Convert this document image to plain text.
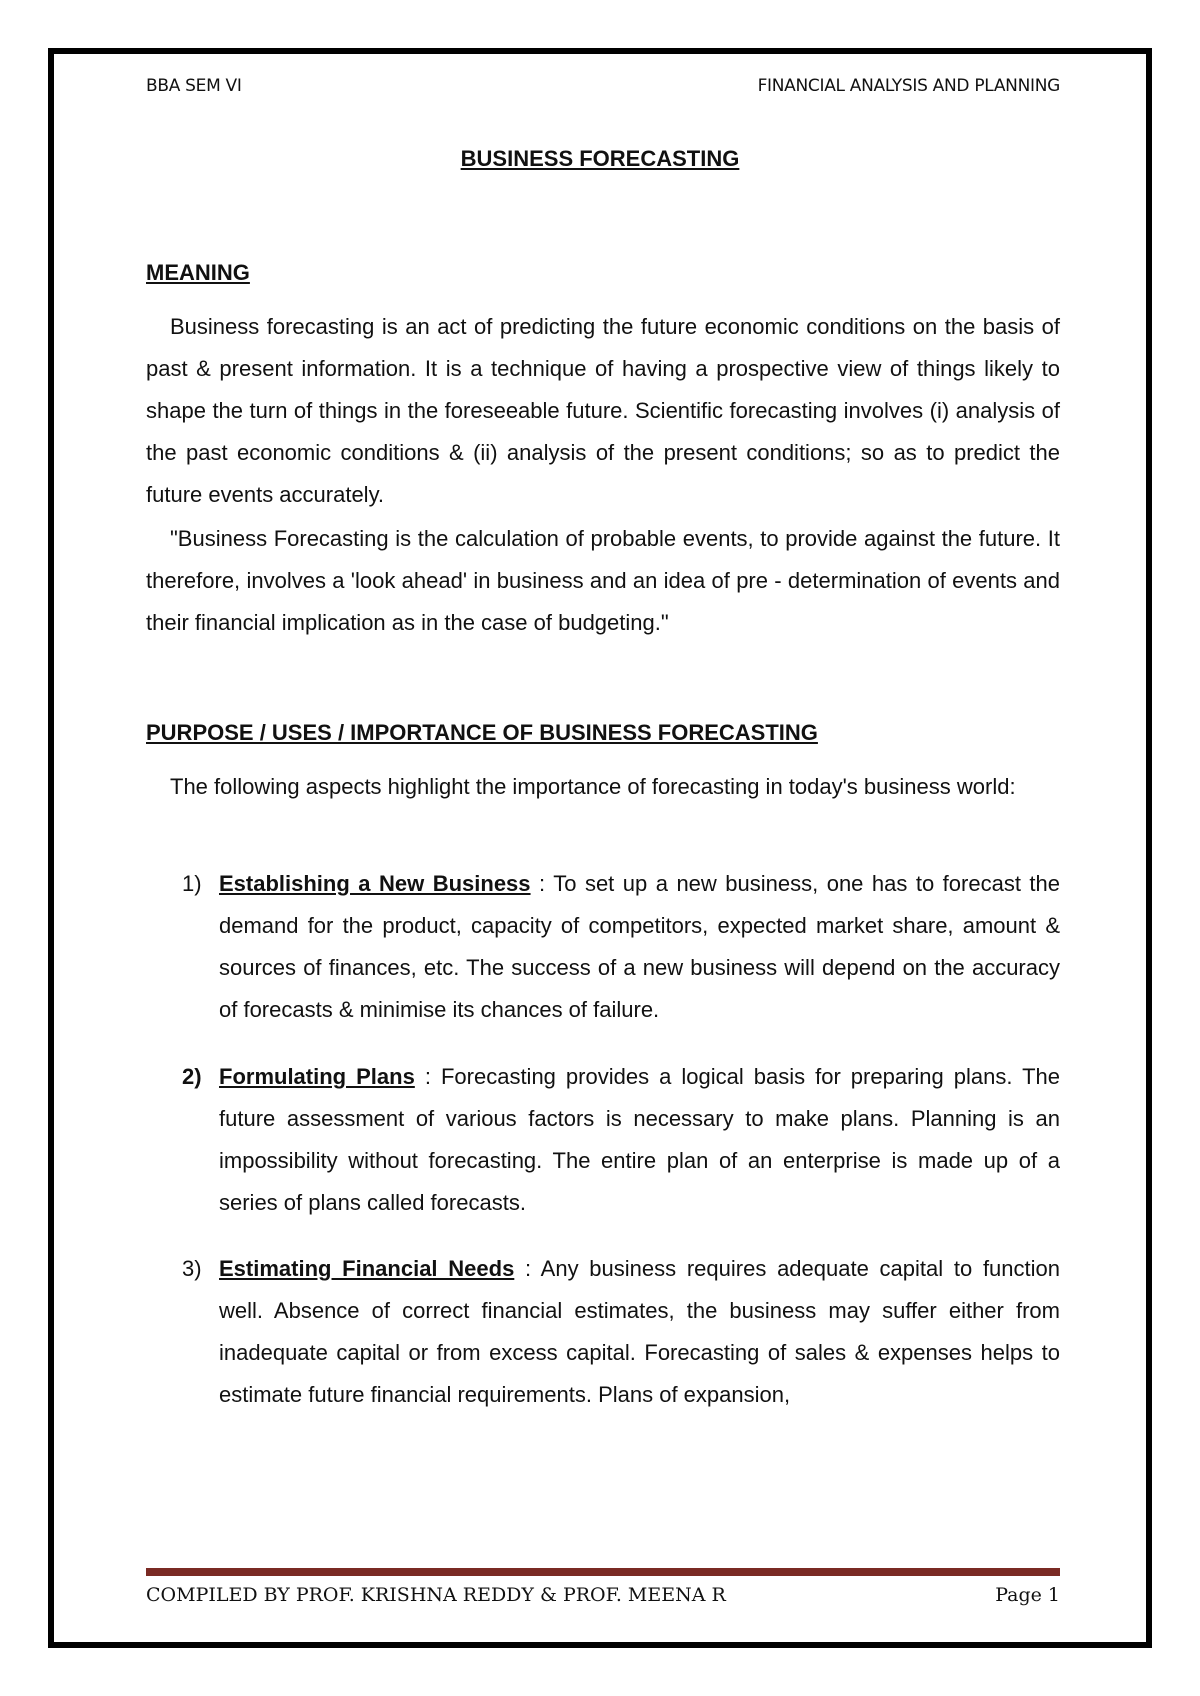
BBA SEM VI	FINANCIAL ANALYSIS AND PLANNING
BUSINESS FORECASTING
MEANING
Business forecasting is an act of predicting the future economic conditions on the basis of past & present information. It is a technique of having a prospective view of things likely to shape the turn of things in the foreseeable future. Scientific forecasting involves (i) analysis of the past economic conditions & (ii) analysis of the present conditions; so as to predict the future events accurately.
"Business Forecasting is the calculation of probable events, to provide against the future. It therefore, involves a 'look ahead' in business and an idea of pre - determination of events and their financial implication as in the case of budgeting."
PURPOSE / USES / IMPORTANCE OF BUSINESS FORECASTING
The following aspects highlight the importance of forecasting in today's business world:
1) Establishing a New Business : To set up a new business, one has to forecast the demand for the product, capacity of competitors, expected market share, amount & sources of finances, etc. The success of a new business will depend on the accuracy of forecasts & minimise its chances of failure.
2) Formulating Plans : Forecasting provides a logical basis for preparing plans. The future assessment of various factors is necessary to make plans. Planning is an impossibility without forecasting. The entire plan of an enterprise is made up of a series of plans called forecasts.
3) Estimating Financial Needs : Any business requires adequate capital to function well. Absence of correct financial estimates, the business may suffer either from inadequate capital or from excess capital. Forecasting of sales & expenses helps to estimate future financial requirements. Plans of expansion,
COMPILED BY PROF. KRISHNA REDDY & PROF. MEENA R	Page 1
